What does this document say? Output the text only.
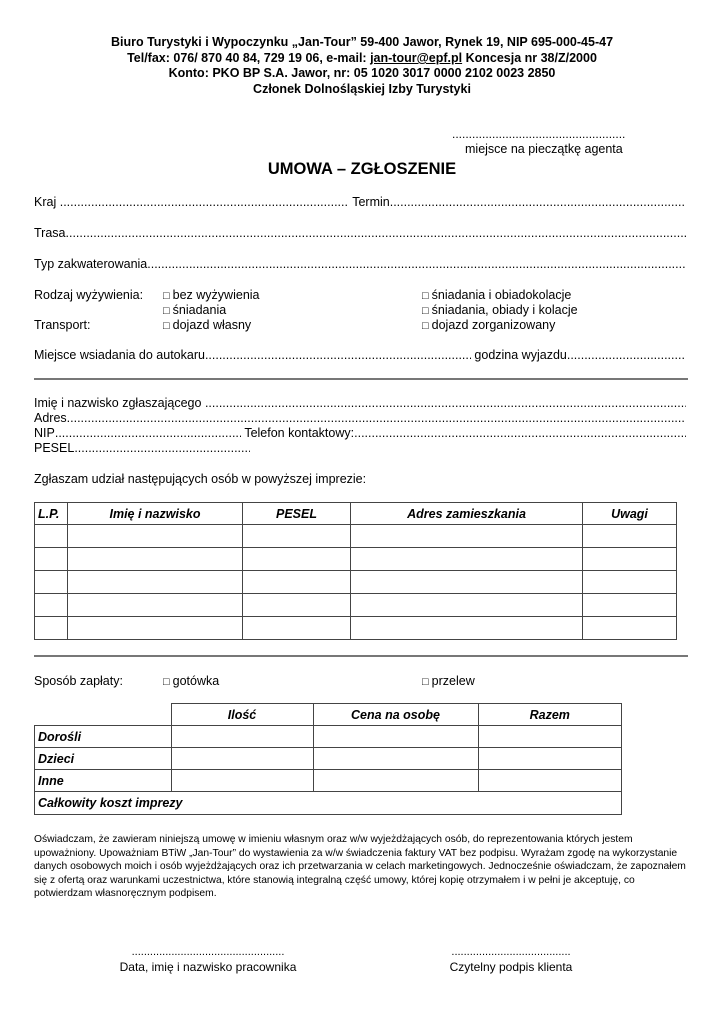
Biuro Turystyki i Wypoczynku „Jan-Tour” 59-400 Jawor, Rynek 19, NIP 695-000-45-47
Tel/fax: 076/ 870 40 84, 729 19 06, e-mail: jan-tour@epf.pl Koncesja nr 38/Z/2000
Konto: PKO BP S.A. Jawor, nr: 05 1020 3017 0000 2102 0023 2850
Członek Dolnośląskiej Izby Turystyki
....................................................
miejsce na pieczątkę agenta
UMOWA – ZGŁOSZENIE
Kraj
.....
	Termin
.....
Trasa
.....
Typ zakwaterowania
.....
Rodzaj wyżywienia: □ bez wyżywienia
□ śniadania
□ śniadania i obiadokolacje
□ śniadania, obiady i kolacje
Transport:	□ dojazd własny	□ dojazd zorganizowany
Miejsce wsiadania do autokaru .....
	godzina wyjazdu
.....
Imię i nazwisko zgłaszającego

.....
Adres
.....
NIP .....
	Telefon kontaktowy:
.....
PESEL
.....
Zgłaszam udział następujących osób w powyższej imprezie:
L.P.	Imię i nazwisko	PESEL	Adres zamieszkania	Uwagi

Sposób zapłaty:	□ gotówka	□ przelew
	Ilość	Cena na osobę	Razem
Dorośli			
Dzieci			
Inne			
Całkowity koszt imprezy			
Oświadczam, że zawieram niniejszą umowę w imieniu własnym oraz w/w wyjeżdżających osób, do reprezentowania których jestem upoważniony. Upoważniam BTiW „Jan-Tour” do wystawienia za w/w świadczenia faktury VAT bez podpisu. Wyrażam zgodę na wykorzystanie danych osobowych moich i osób wyjeżdżających oraz ich przetwarzania w celach marketingowych. Jednocześnie oświadczam, że zapoznałem się z ofertą oraz warunkami uczestnictwa, które stanowią integralną część umowy, której kopię otrzymałem i w pełni je akceptuję, co potwierdzam własnoręcznym podpisem.
..................................................
Data, imię i nazwisko pracownika
.......................................
Czytelny podpis klienta
